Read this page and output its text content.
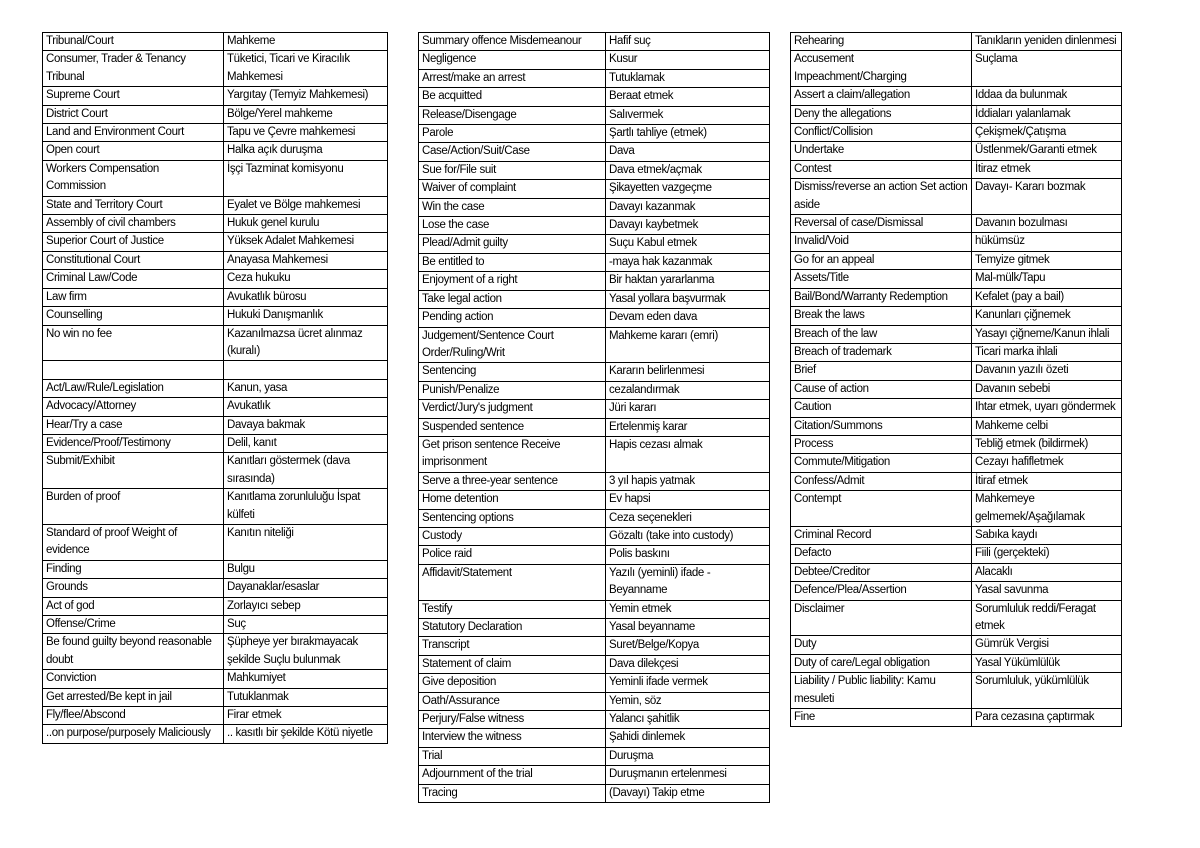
Tribunal/Court	Mahkeme
Consumer, Trader & Tenancy Tribunal	Tüketici, Ticari ve Kiracılık Mahkemesi
Supreme Court	Yargıtay (Temyiz Mahkemesi)
District Court	Bölge/Yerel mahkeme
Land and Environment Court	Tapu ve Çevre mahkemesi
Open court	Halka açık duruşma
Workers Compensation Commission	İşçi Tazminat komisyonu
State and Territory Court	Eyalet ve Bölge mahkemesi
Assembly of civil chambers	Hukuk genel kurulu
Superior Court of Justice	Yüksek Adalet Mahkemesi
Constitutional Court	Anayasa Mahkemesi
Criminal Law/Code	Ceza hukuku
Law firm	Avukatlık bürosu
Counselling	Hukuki Danışmanlık
No win no fee	Kazanılmazsa ücret alınmaz (kuralı)

Act/Law/Rule/Legislation	Kanun, yasa
Advocacy/Attorney	Avukatlık
Hear/Try a case	Davaya bakmak
Evidence/Proof/Testimony	Delil, kanıt
Submit/Exhibit	Kanıtları göstermek (dava sırasında)
Burden of proof	Kanıtlama zorunluluğu İspat külfeti
Standard of proof Weight of evidence	Kanıtın niteliği
Finding	Bulgu
Grounds	Dayanaklar/esaslar
Act of god	Zorlayıcı sebep
Offense/Crime	Suç
Be found guilty beyond reasonable doubt	Şüpheye yer bırakmayacak şekilde Suçlu bulunmak
Conviction	Mahkumiyet
Get arrested/Be kept in jail	Tutuklanmak
Fly/flee/Abscond	Firar etmek
..on purpose/purposely Maliciously	.. kasıtlı bir şekilde Kötü niyetle
Summary offence Misdemeanour	Hafif suç
Negligence	Kusur
Arrest/make an arrest	Tutuklamak
Be acquitted	Beraat etmek
Release/Disengage	Salıvermek
Parole	Şartlı tahliye (etmek)
Case/Action/Suit/Case	Dava
Sue for/File suit	Dava etmek/açmak
Waiver of complaint	Şikayetten vazgeçme
Win the case	Davayı kazanmak
Lose the case	Davayı kaybetmek
Plead/Admit guilty	Suçu Kabul etmek
Be entitled to	-maya hak kazanmak
Enjoyment of a right	Bir haktan yararlanma
Take legal action	Yasal yollara başvurmak
Pending action	Devam eden dava
Judgement/Sentence Court Order/Ruling/Writ	Mahkeme kararı (emri)
Sentencing	Kararın belirlenmesi
Punish/Penalize	cezalandırmak
Verdict/Jury's judgment	Jüri kararı
Suspended sentence	Ertelenmiş karar
Get prison sentence Receive imprisonment	Hapis cezası almak
Serve a three-year sentence	3 yıl hapis yatmak
Home detention	Ev hapsi
Sentencing options	Ceza seçenekleri
Custody	Gözaltı (take into custody)
Police raid	Polis baskını
Affidavit/Statement	Yazılı (yeminli) ifade - Beyanname
Testify	Yemin etmek
Statutory Declaration	Yasal beyanname
Transcript	Suret/Belge/Kopya
Statement of claim	Dava dilekçesi
Give deposition	Yeminli ifade vermek
Oath/Assurance	Yemin, söz
Perjury/False witness	Yalancı şahitlik
Interview the witness	Şahidi dinlemek
Trial	Duruşma
Adjournment of the trial	Duruşmanın ertelenmesi
Tracing	(Davayı) Takip etme
Rehearing	Tanıkların yeniden dinlenmesi
Accusement Impeachment/Charging	Suçlama
Assert a claim/allegation	Iddaa da bulunmak
Deny the allegations	İddiaları yalanlamak
Conflict/Collision	Çekişmek/Çatışma
Undertake	Üstlenmek/Garanti etmek
Contest	İtiraz etmek
Dismiss/reverse an action Set action aside	Davayı- Kararı bozmak
Reversal of case/Dismissal	Davanın bozulması
Invalid/Void	hükümsüz
Go for an appeal	Temyize gitmek
Assets/Title	Mal-mülk/Tapu
Bail/Bond/Warranty Redemption	Kefalet (pay a bail)
Break the laws	Kanunları çiğnemek
Breach of the law	Yasayı çiğneme/Kanun ihlali
Breach of trademark	Ticari marka ihlali
Brief	Davanın yazılı özeti
Cause of action	Davanın sebebi
Caution	Ihtar etmek, uyarı göndermek
Citation/Summons	Mahkeme celbi
Process	Tebliğ etmek (bildirmek)
Commute/Mitigation	Cezayı hafifletmek
Confess/Admit	İtiraf etmek
Contempt	Mahkemeye gelmemek/Aşağılamak
Criminal Record	Sabıka kaydı
Defacto	Fiili (gerçekteki)
Debtee/Creditor	Alacaklı
Defence/Plea/Assertion	Yasal savunma
Disclaimer	Sorumluluk reddi/Feragat etmek
Duty	Gümrük Vergisi
Duty of care/Legal obligation	Yasal Yükümlülük
Liability / Public liability: Kamu mesuleti	Sorumluluk, yükümlülük
Fine	Para cezasına çaptırmak
